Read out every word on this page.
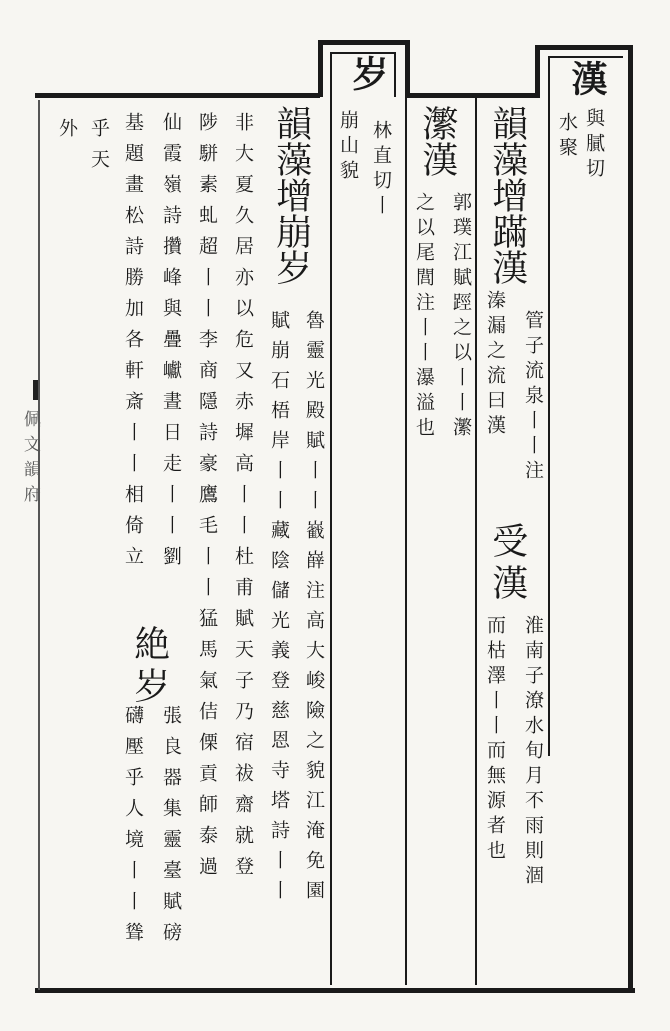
漢
岁
與膩切
水聚
韻藻增蹣漢
管子流泉丨丨注
溱漏之流曰漢
受漢
淮南子潦水旬月不雨則涸
而枯澤丨丨而無源者也
瀿漢
郭璞江賦踁之以丨丨瀿
之以尾閭注丨丨瀑溢也
林直切丨
崩山貌
韻藻增崩岁
魯靈光殿賦丨丨巀嶭注高大峻險之貌江淹免園
賦崩石梧岸丨丨藏陰儲光義登慈恩寺塔詩丨丨
非大夏久居亦以危又赤墀高丨丨杜甫賦天子乃宿祓齋就登
陟駢素虬超丨丨李商隱詩豪鷹毛丨丨猛馬氣佶傈貢師泰過
仙霞嶺詩攢峰與疊巘晝日走丨丨劉
絶岁
張良器集靈臺賦磅
基題畫松詩勝加各軒斎丨丨相倚立
礴壓乎人境丨丨聳
乎天
外
佩文韻府
